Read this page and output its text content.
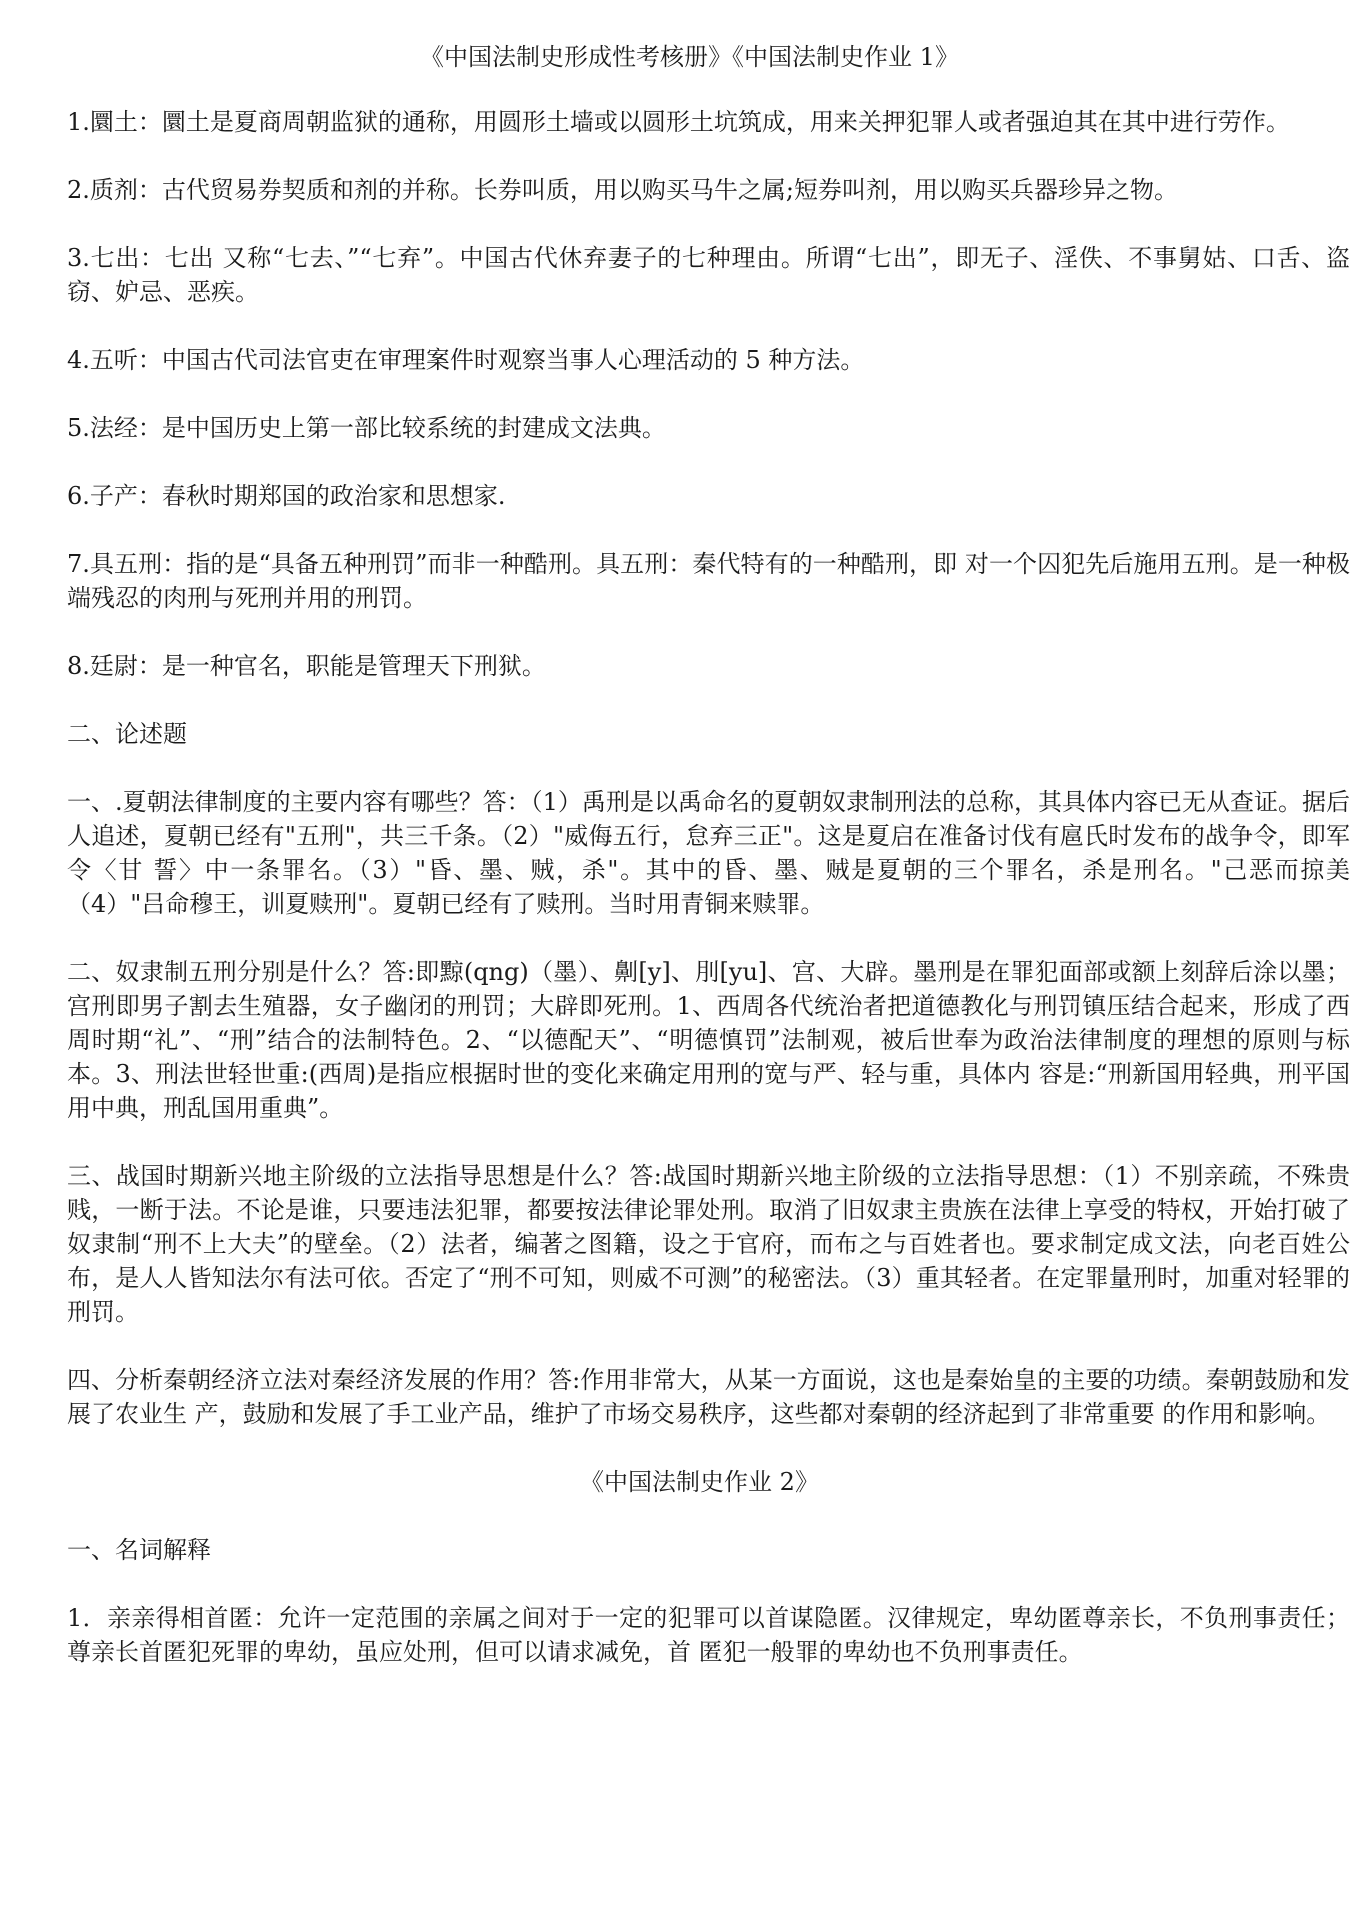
《中国法制史形成性考核册》《中国法制史作业 1》
1.圜土：圜土是夏商周朝监狱的通称，用圆形土墙或以圆形土坑筑成，用来关押犯罪人或者强迫其在其中进行劳作。
2.质剂：古代贸易券契质和剂的并称。长券叫质，用以购买马牛之属;短券叫剂，用以购买兵器珍异之物。
3.七出：七出 又称“七去、”“七弃”。中国古代休弃妻子的七种理由。所谓“七出”，即无子、淫佚、不事舅姑、口舌、盗窃、妒忌、恶疾。
4.五听：中国古代司法官吏在审理案件时观察当事人心理活动的 5 种方法。
5.法经：是中国历史上第一部比较系统的封建成文法典。
6.子产：春秋时期郑国的政治家和思想家.
7.具五刑：指的是“具备五种刑罚”而非一种酷刑。具五刑：秦代特有的一种酷刑，即 对一个囚犯先后施用五刑。是一种极端残忍的肉刑与死刑并用的刑罚。
8.廷尉：是一种官名，职能是管理天下刑狱。
二、论述题
一、.夏朝法律制度的主要内容有哪些？答：（1）禹刑是以禹命名的夏朝奴隶制刑法的总称，其具体内容已无从查证。据后人追述，夏朝已经有"五刑"，共三千条。（2）"威侮五行，怠弃三正"。这是夏启在准备讨伐有扈氏时发布的战争令，即军令〈甘 誓〉中一条罪名。（3）"昏、墨、贼，杀"。其中的昏、墨、贼是夏朝的三个罪名，杀是刑名。"己恶而掠美 （4）"吕命穆王，训夏赎刑"。夏朝已经有了赎刑。当时用青铜来赎罪。
二、奴隶制五刑分别是什么？答:即黥(qng)（墨）、劓[y]、刖[yu]、宫、大辟。墨刑是在罪犯面部或额上刻辞后涂以墨； 宫刑即男子割去生殖器，女子幽闭的刑罚；大辟即死刑。1、西周各代统治者把道德教化与刑罚镇压结合起来，形成了西周时期“礼”、“刑”结合的法制特色。2、“以德配天”、“明德慎罚”法制观，被后世奉为政治法律制度的理想的原则与标本。3、刑法世轻世重:(西周)是指应根据时世的变化来确定用刑的宽与严、轻与重，具体内 容是:“刑新国用轻典，刑平国用中典，刑乱国用重典”。
三、战国时期新兴地主阶级的立法指导思想是什么？答:战国时期新兴地主阶级的立法指导思想：（1）不别亲疏，不殊贵贱，一断于法。不论是谁，只要违法犯罪，都要按法律论罪处刑。取消了旧奴隶主贵族在法律上享受的特权，开始打破了奴隶制“刑不上大夫”的壁垒。（2）法者，编著之图籍，设之于官府，而布之与百姓者也。要求制定成文法，向老百姓公布，是人人皆知法尔有法可依。否定了“刑不可知，则威不可测”的秘密法。（3）重其轻者。在定罪量刑时，加重对轻罪的刑罚。
四、分析秦朝经济立法对秦经济发展的作用？答:作用非常大，从某一方面说，这也是秦始皇的主要的功绩。秦朝鼓励和发展了农业生 产，鼓励和发展了手工业产品，维护了市场交易秩序，这些都对秦朝的经济起到了非常重要 的作用和影响。
《中国法制史作业 2》
一、名词解释
1．亲亲得相首匿：允许一定范围的亲属之间对于一定的犯罪可以首谋隐匿。汉律规定，卑幼匿尊亲长，不负刑事责任；尊亲长首匿犯死罪的卑幼，虽应处刑，但可以请求减免，首 匿犯一般罪的卑幼也不负刑事责任。
